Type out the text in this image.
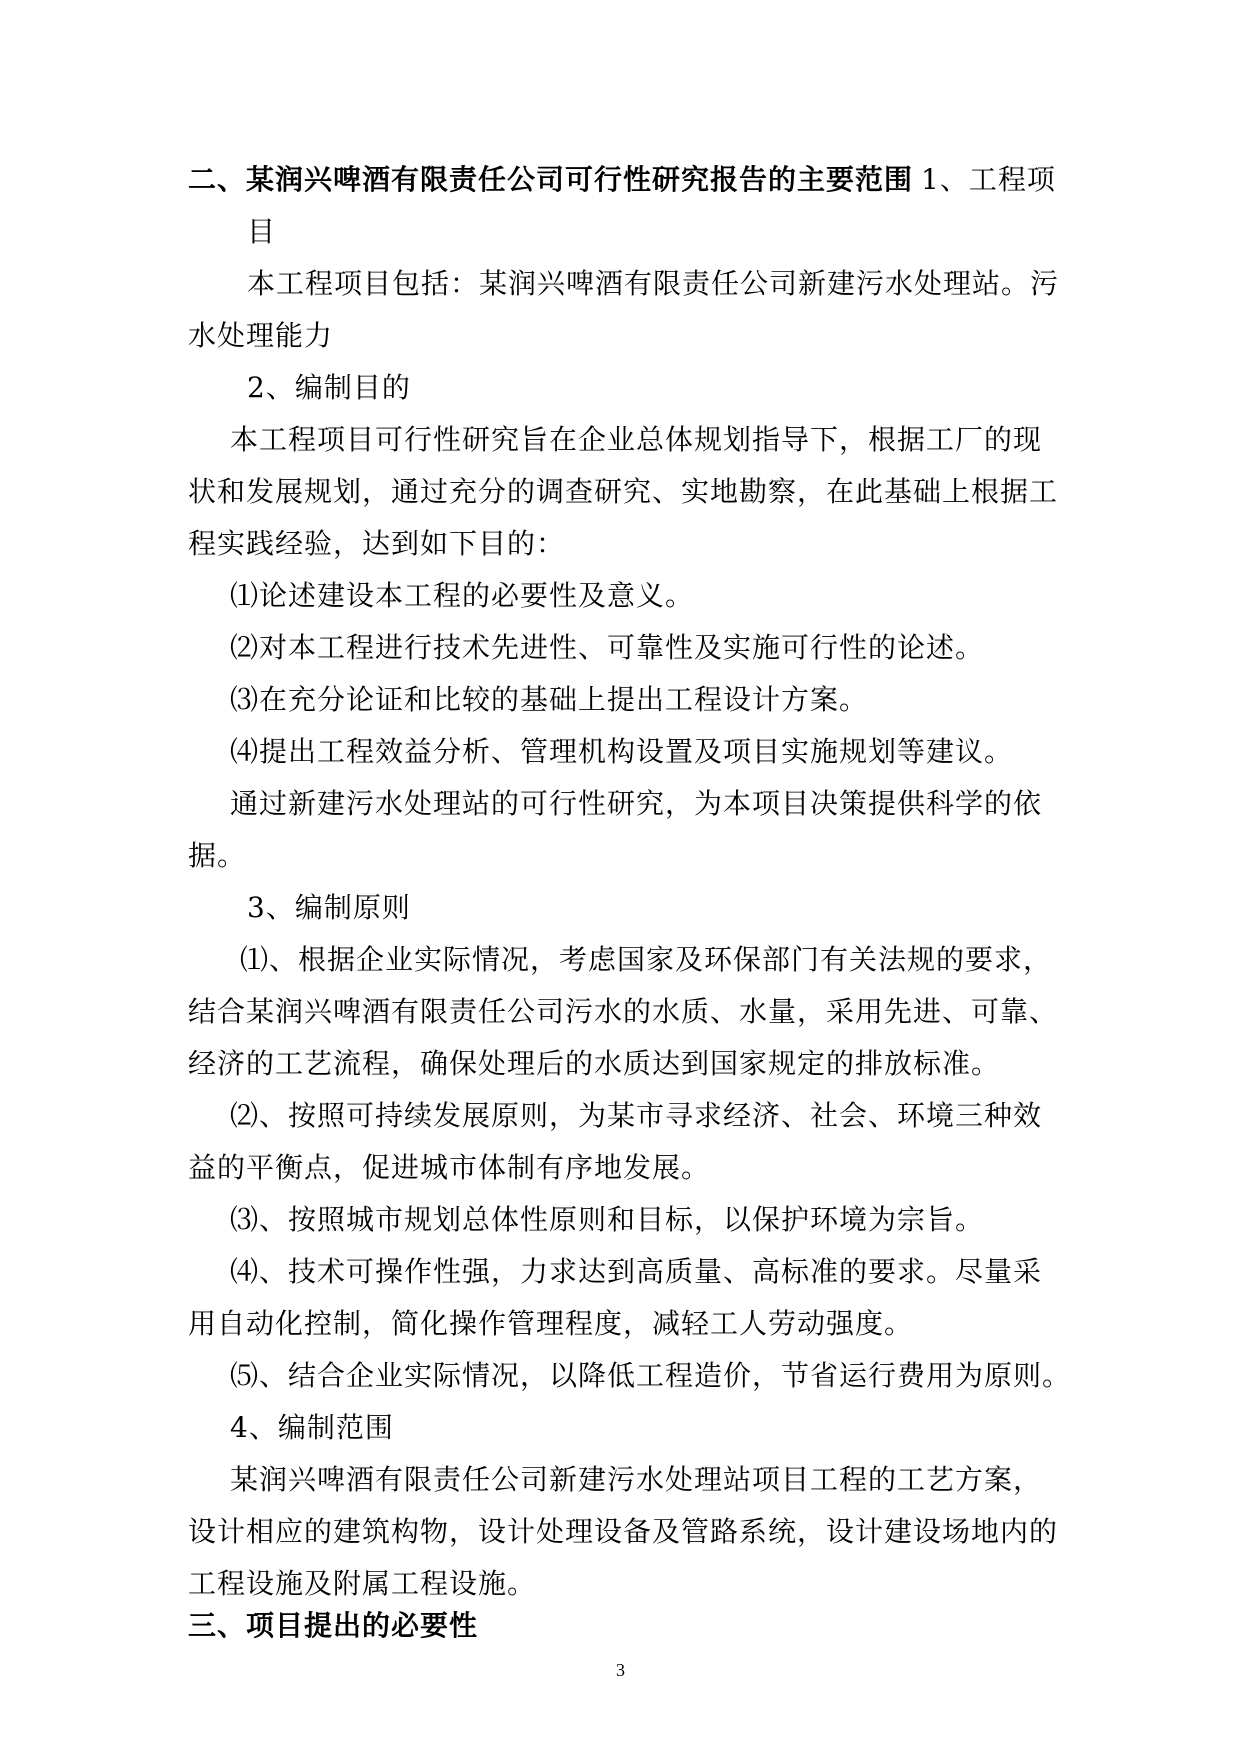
二、某润兴啤酒有限责任公司可行性研究报告的主要范围 1、工程项
目
本工程项目包括：某润兴啤酒有限责任公司新建污水处理站。污
水处理能力
2、编制目的
本工程项目可行性研究旨在企业总体规划指导下，根据工厂的现
状和发展规划，通过充分的调查研究、实地勘察，在此基础上根据工
程实践经验，达到如下目的：
⑴论述建设本工程的必要性及意义。
⑵对本工程进行技术先进性、可靠性及实施可行性的论述。
⑶在充分论证和比较的基础上提出工程设计方案。
⑷提出工程效益分析、管理机构设置及项目实施规划等建议。
通过新建污水处理站的可行性研究，为本项目决策提供科学的依
据。
3、编制原则
⑴、根据企业实际情况，考虑国家及环保部门有关法规的要求，
结合某润兴啤酒有限责任公司污水的水质、水量，采用先进、可靠、
经济的工艺流程，确保处理后的水质达到国家规定的排放标准。
⑵、按照可持续发展原则，为某市寻求经济、社会、环境三种效
益的平衡点，促进城市体制有序地发展。
⑶、按照城市规划总体性原则和目标，以保护环境为宗旨。
⑷、技术可操作性强，力求达到高质量、高标准的要求。尽量采
用自动化控制，简化操作管理程度，减轻工人劳动强度。
⑸、结合企业实际情况，以降低工程造价，节省运行费用为原则。
4、编制范围
某润兴啤酒有限责任公司新建污水处理站项目工程的工艺方案，
设计相应的建筑构物，设计处理设备及管路系统，设计建设场地内的
工程设施及附属工程设施。
三、项目提出的必要性
3
